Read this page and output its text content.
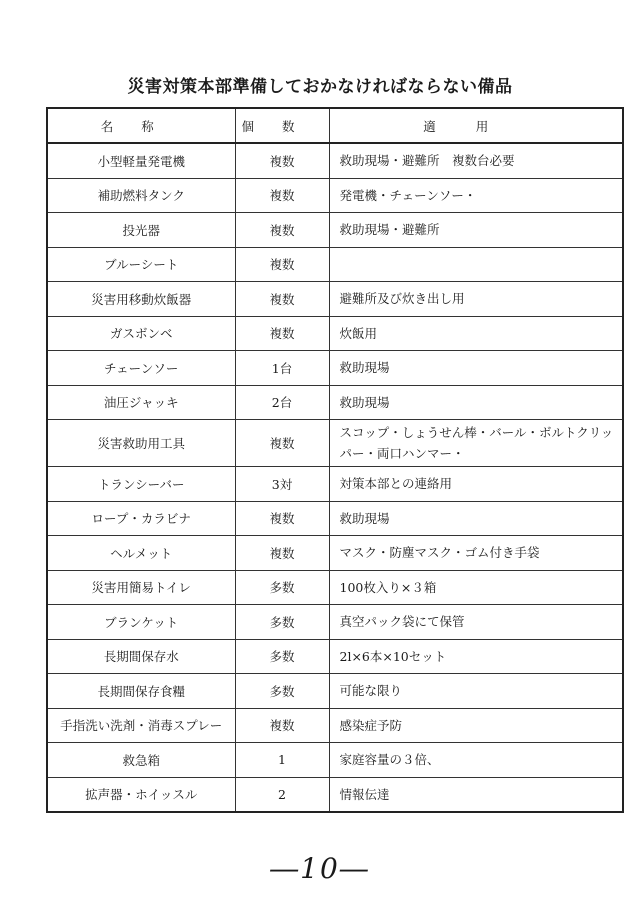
災害対策本部準備しておかなければならない備品
名称	個数	適用
小型軽量発電機	複数	救助現場・避難所　複数台必要
補助燃料タンク	複数	発電機・チェーンソー・
投光器	複数	救助現場・避難所
ブルーシート	複数	
災害用移動炊飯器	複数	避難所及び炊き出し用
ガスボンベ	複数	炊飯用
チェーンソー	1台	救助現場
油圧ジャッキ	2台	救助現場
災害救助用工具	複数	スコップ・しょうせん棒・バール・ボルトクリッパー・両口ハンマー・
トランシーバー	3対	対策本部との連絡用
ロープ・カラビナ	複数	救助現場
ヘルメット	複数	マスク・防塵マスク・ゴム付き手袋
災害用簡易トイレ	多数	100枚入り×３箱
ブランケット	多数	真空パック袋にて保管
長期間保存水	多数	2l×6本×10セット
長期間保存食糧	多数	可能な限り
手指洗い洗剤・消毒スプレー	複数	感染症予防
救急箱	1	家庭容量の３倍、
拡声器・ホイッスル	2	情報伝達
―10―
